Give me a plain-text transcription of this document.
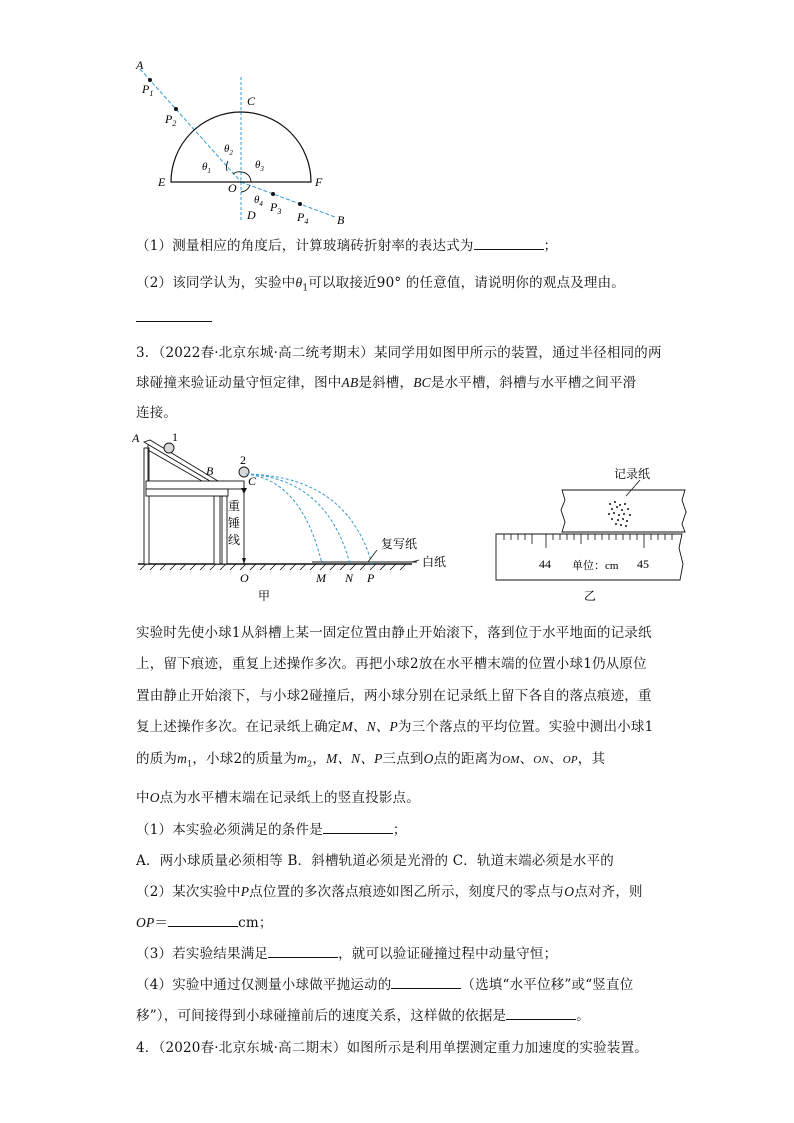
A
$P_1$
$P_2$
C
E	O	F
D
$P_3$ $P_4$ B
$\theta_1$
$\theta_2$
$\theta_3$
$\theta_4$
（1）测量相应的角度后，计算玻璃砖折射率的表达式为	；
（2）该同学认为，实验中$\theta_1$可以取接近90° 的任意值，请说明你的观点及理由。
3．（2022春·北京东城·高二统考期末）某同学用如图甲所示的装置，通过半径相同的两
球碰撞来验证动量守恒定律，图中AB是斜槽，BC是水平槽，斜槽与水平槽之间平滑
连接。
A	1
B
2
C
重
锤
线	复写纸
白纸
O	M N P
甲
记录纸
44	45
单位：cm
乙
实验时先使小球1从斜槽上某一固定位置由静止开始滚下，落到位于水平地面的记录纸
上，留下痕迹，重复上述操作多次。再把小球2放在水平槽末端的位置小球1仍从原位
置由静止开始滚下，与小球2碰撞后，两小球分别在记录纸上留下各自的落点痕迹，重
复上述操作多次。在记录纸上确定M、N、P为三个落点的平均位置。实验中测出小球1
的质为$m_1$，小球2的质量为$m_2$，M、N、P三点到O点的距离为OM、ON、OP，其
中O点为水平槽末端在记录纸上的竖直投影点。
（1）本实验必须满足的条件是	；
A．两小球质量必须相等 B．斜槽轨道必须是光滑的 C．轨道末端必须是水平的
（2）某次实验中P点位置的多次落点痕迹如图乙所示，刻度尺的零点与O点对齐，则
OP＝	cm；
（3）若实验结果满足	，就可以验证碰撞过程中动量守恒；
（4）实验中通过仅测量小球做平抛运动的	（选填“水平位移”或“竖直位
移”），可间接得到小球碰撞前后的速度关系，这样做的依据是	。
4．（2020春·北京东城·高二期末）如图所示是利用单摆测定重力加速度的实验装置。
